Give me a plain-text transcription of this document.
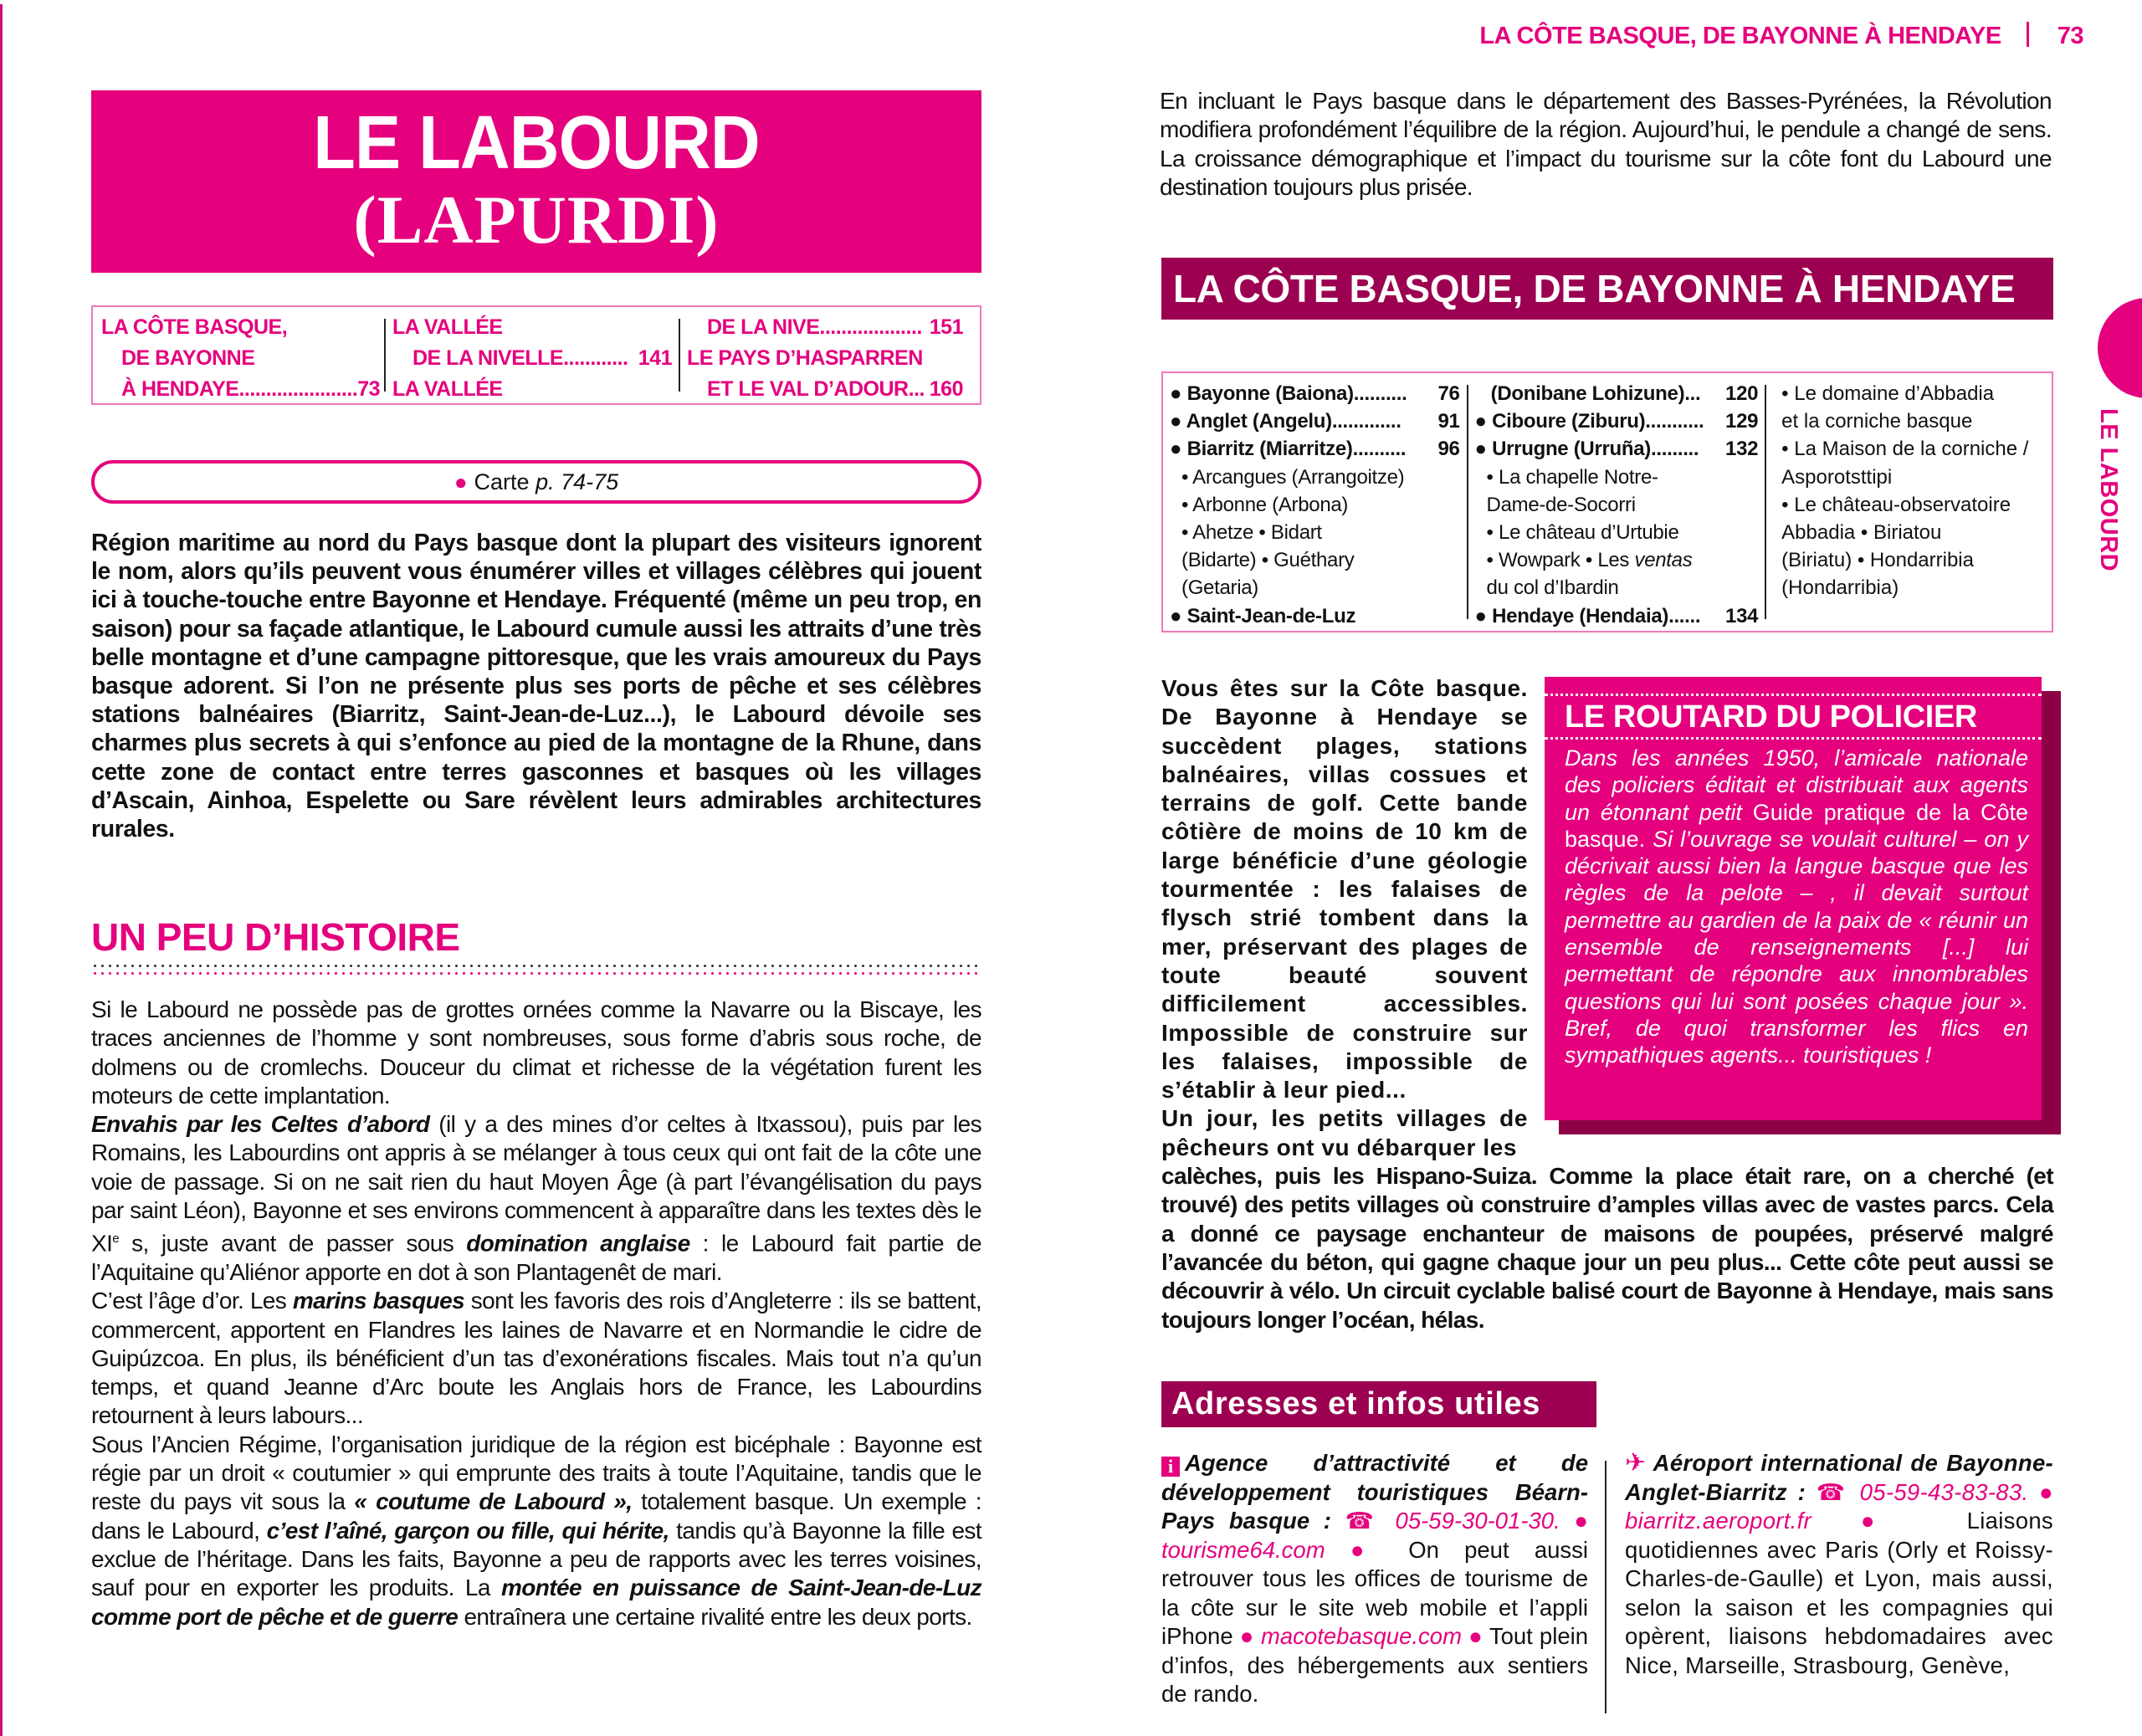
LE LABOURD
(LAPURDI)
LA CÔTE BASQUE,
DE BAYONNE
À HENDAYE...................... 73
LA VALLÉE
DE LA NIVELLE............ 141
LA VALLÉE
DE LA NIVE................... 151
LE PAYS D’HASPARREN
ET LE VAL D’ADOUR... 160
● Carte
p. 74-75
Région maritime au nord du Pays basque dont la plupart des visiteurs ignorent le nom, alors qu’ils peuvent vous énumérer villes et villages célèbres qui jouent ici à touche-touche entre Bayonne et Hendaye. Fréquenté (même un peu trop, en saison) pour sa façade atlantique, le Labourd cumule aussi les attraits d’une très belle montagne et d’une campagne pittoresque, que les vrais amoureux du Pays basque adorent. Si l’on ne présente plus ses ports de pêche et ses célèbres stations balnéaires (Biarritz, Saint-Jean-de-Luz...), le Labourd dévoile ses charmes plus secrets à qui s’enfonce au pied de la montagne de la Rhune, dans cette zone de contact entre terres gasconnes et basques où les villages d’Ascain, Ainhoa, Espelette ou Sare révèlent leurs admirables architectures rurales.
UN PEU D’HISTOIRE

Si le Labourd ne possède pas de grottes ornées comme la Navarre ou la Biscaye, les traces anciennes de l’homme y sont nombreuses, sous forme d’abris sous roche, de dolmens ou de cromlechs. Douceur du climat et richesse de la végétation furent les moteurs de cette implantation.

Envahis par les Celtes d’abord (il y a des mines d’or celtes à Itxassou), puis par les Romains, les Labourdins ont appris à se mélanger à tous ceux qui ont fait de la côte une voie de passage. Si on ne sait rien du haut Moyen Âge (à part l’évangélisation du pays par saint Léon), Bayonne et ses environs commencent à apparaître dans les textes dès le XIe s, juste avant de passer sous domination anglaise : le Labourd fait partie de l’Aquitaine qu’Aliénor apporte en dot à son Plantagenêt de mari.

C’est l’âge d’or. Les marins basques sont les favoris des rois d’Angleterre : ils se battent, commercent, apportent en Flandres les laines de Navarre et en Normandie le cidre de Guipúzcoa. En plus, ils bénéficient d’un tas d’exonérations fiscales. Mais tout n’a qu’un temps, et quand Jeanne d’Arc boute les Anglais hors de France, les Labourdins retournent à leurs labours...

Sous l’Ancien Régime, l’organisation juridique de la région est bicéphale : Bayonne est régie par un droit « coutumier » qui emprunte des traits à toute l’Aquitaine, tandis que le reste du pays vit sous la « coutume de Labourd », totalement basque. Un exemple : dans le Labourd, c’est l’aîné, garçon ou fille, qui hérite, tandis qu’à Bayonne la fille est exclue de l’héritage. Dans les faits, Bayonne a peu de rapports avec les terres voisines, sauf pour en exporter les produits. La montée en puissance de Saint-Jean-de-Luz comme port de pêche et de guerre entraînera une certaine rivalité entre les deux ports.

LA CÔTE BASQUE, DE BAYONNE À HENDAYE 73
En incluant le Pays basque dans le département des Basses-Pyrénées, la Révolution modifiera profondément l’équilibre de la région. Aujourd’hui, le pendule a changé de sens. La croissance démographique et l’impact du tourisme sur la côte font du Labourd une destination toujours plus prisée.
LA CÔTE BASQUE, DE BAYONNE À HENDAYE
● Bayonne (Baiona).......... 76
● Anglet (Angelu)............. 91
● Biarritz (Miarritze).......... 96
• Arcangues (Arrangoitze)
• Arbonne (Arbona)
• Ahetze • Bidart
(Bidarte) • Guéthary
(Getaria)
● Saint-Jean-de-Luz
(Donibane Lohizune)... 120
● Ciboure (Ziburu)........... 129
● Urrugne (Urruña)......... 132
• La chapelle Notre-
Dame-de-Socorri
• Le château d’Urtubie
• Wowpark • Les ventas
du col d’Ibardin
● Hendaye (Hendaia)...... 134
• Le domaine d’Abbadia
et la corniche basque
• La Maison de la corniche /
Asporotsttipi
• Le château-observatoire
Abbadia • Biriatou
(Biriatu) • Hondarribia
(Hondarribia)
LE LABOURD
Vous êtes sur la Côte basque. De Bayonne à Hendaye se succèdent plages, stations balnéaires, villas cossues et terrains de golf. Cette bande côtière de moins de 10 km de large bénéficie d’une géologie tourmentée : les falaises de flysch strié tombent dans la mer, préservant des plages de toute beauté souvent difficilement accessibles. Impossible de construire sur les falaises, impossible de s’établir à leur pied...
Un jour, les petits villages de pêcheurs ont vu débarquer les
calèches, puis les Hispano-Suiza. Comme la place était rare, on a cherché (et trouvé) des petits villages où construire d’amples villas avec de vastes parcs. Cela a donné ce paysage enchanteur de maisons de poupées, préservé malgré l’avancée du béton, qui gagne chaque jour un peu plus... Cette côte peut aussi se découvrir à vélo. Un circuit cyclable balisé court de Bayonne à Hendaye, mais sans toujours longer l’océan, hélas.
LE ROUTARD DU POLICIER
Dans les années 1950, l’amicale nationale des policiers éditait et distribuait aux agents un étonnant petit Guide pratique de la Côte basque. Si l’ouvrage se voulait culturel – on y décrivait aussi bien la langue basque que les règles de la pelote – , il devait surtout permettre au gardien de la paix de « réunir un ensemble de renseignements [...] lui permettant de répondre aux innombrables questions qui lui sont posées chaque jour ». Bref, de quoi transformer les flics en sympathiques agents... touristiques !
Adresses et infos utiles
i Agence d’attractivité et de développement touristiques Béarn-Pays basque : ☎ 05-59-30-01-30. ● tourisme64.com ● On peut aussi retrouver tous les offices de tourisme de la côte sur le site web mobile et l’appli iPhone ● macotebasque.com ● Tout plein d’infos, des hébergements aux sentiers de rando.
✈ Aéroport international de Bayonne-Anglet-Biarritz : ☎ 05-59-43-83-83. ● biarritz.aeroport.fr ● Liaisons quotidiennes avec Paris (Orly et Roissy-Charles-de-Gaulle) et Lyon, mais aussi, selon la saison et les compagnies qui opèrent, liaisons hebdomadaires avec Nice, Marseille, Strasbourg, Genève,
